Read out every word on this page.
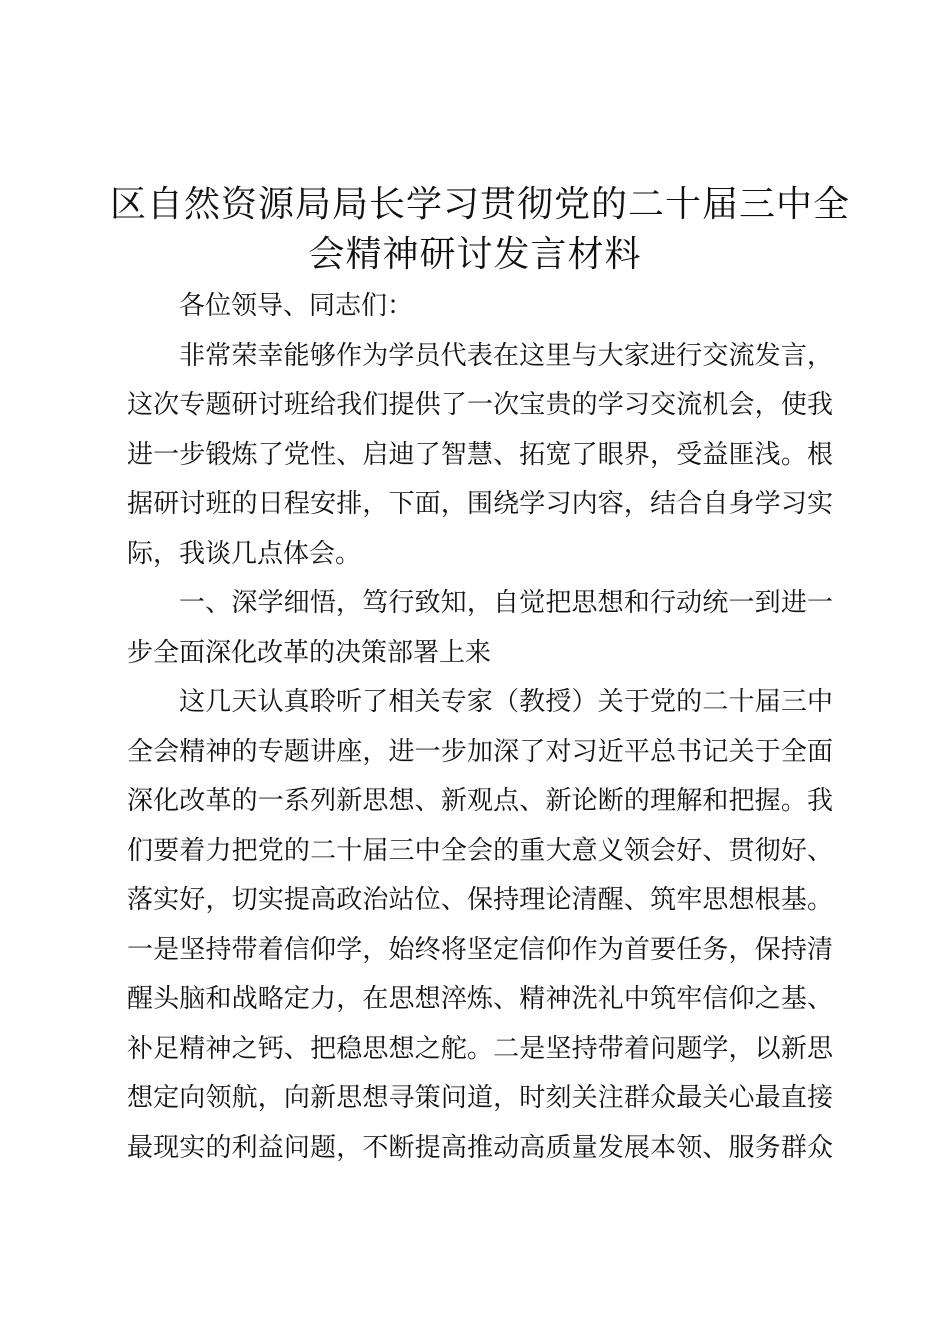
区自然资源局局长学习贯彻党的二十届三中全
会精神研讨发言材料
各位领导、同志们：
非常荣幸能够作为学员代表在这里与大家进行交流发言，
这次专题研讨班给我们提供了一次宝贵的学习交流机会，使我
进一步锻炼了党性、启迪了智慧、拓宽了眼界，受益匪浅。根
据研讨班的日程安排，下面，围绕学习内容，结合自身学习实
际，我谈几点体会。
一、深学细悟，笃行致知，自觉把思想和行动统一到进一
步全面深化改革的决策部署上来
这几天认真聆听了相关专家（教授）关于党的二十届三中
全会精神的专题讲座，进一步加深了对习近平总书记关于全面
深化改革的一系列新思想、新观点、新论断的理解和把握。我
们要着力把党的二十届三中全会的重大意义领会好、贯彻好、
落实好，切实提高政治站位、保持理论清醒、筑牢思想根基。
一是坚持带着信仰学，始终将坚定信仰作为首要任务，保持清
醒头脑和战略定力，在思想淬炼、精神洗礼中筑牢信仰之基、
补足精神之钙、把稳思想之舵。二是坚持带着问题学，以新思
想定向领航，向新思想寻策问道，时刻关注群众最关心最直接
最现实的利益问题，不断提高推动高质量发展本领、服务群众
